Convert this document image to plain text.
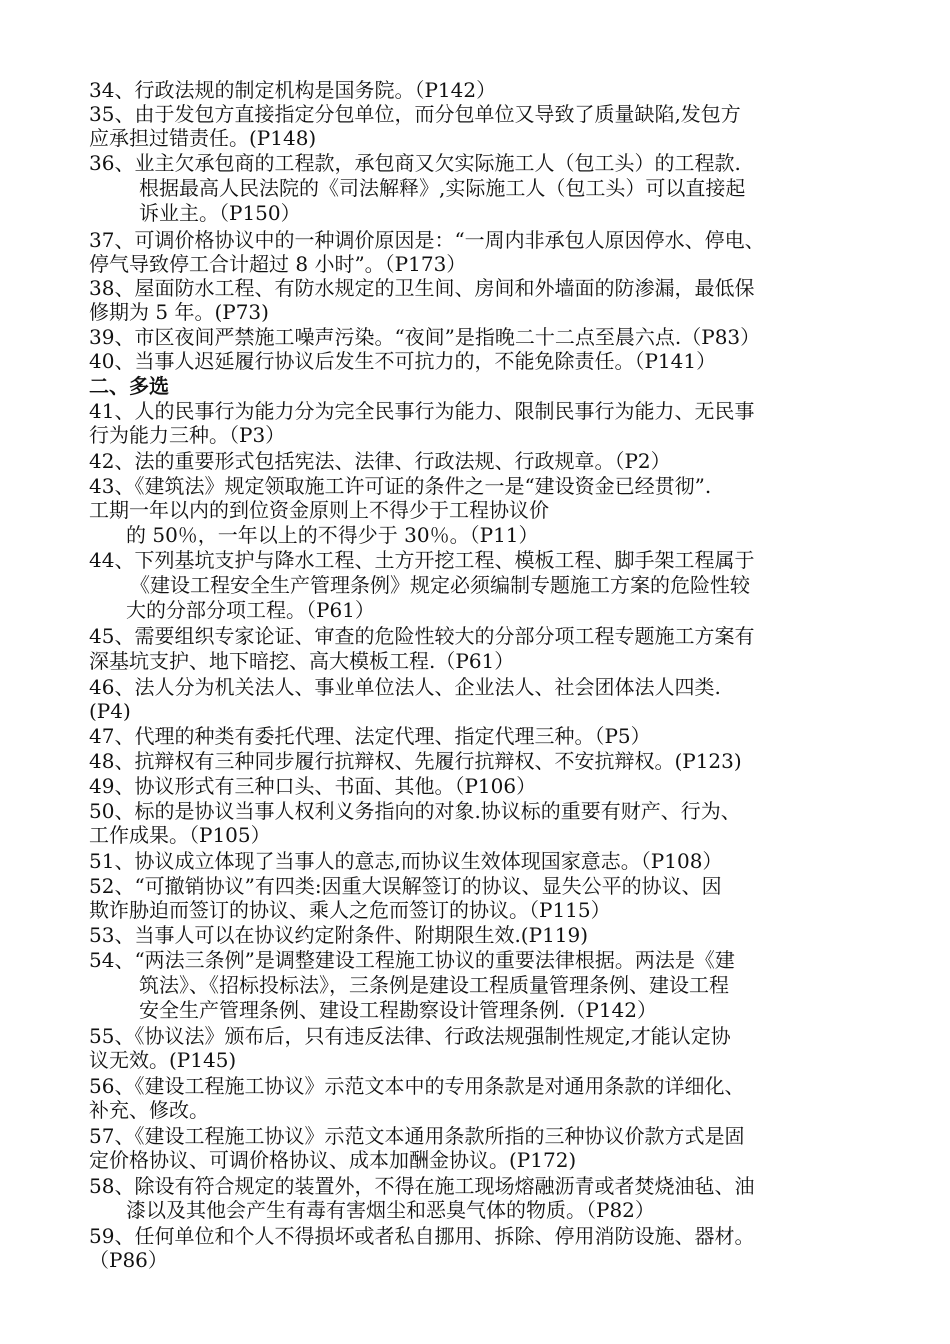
34、行政法规的制定机构是国务院。（P142）
35、由于发包方直接指定分包单位，而分包单位又导致了质量缺陷,发包方
应承担过错责任。(P148)
36、业主欠承包商的工程款，承包商又欠实际施工人（包工头）的工程款.
根据最高人民法院的《司法解释》,实际施工人（包工头）可以直接起
诉业主。（P150）
37、可调价格协议中的一种调价原因是：“一周内非承包人原因停水、停电、
停气导致停工合计超过 8 小时”。（P173）
38、屋面防水工程、有防水规定的卫生间、房间和外墙面的防渗漏，最低保
修期为 5 年。(P73)
39、市区夜间严禁施工噪声污染。“夜间”是指晚二十二点至晨六点.（P83）
40、当事人迟延履行协议后发生不可抗力的，不能免除责任。（P141）
二、多选
41、人的民事行为能力分为完全民事行为能力、限制民事行为能力、无民事
行为能力三种。（P3）
42、法的重要形式包括宪法、法律、行政法规、行政规章。（P2）
43、《建筑法》规定领取施工许可证的条件之一是“建设资金已经贯彻”.
工期一年以内的到位资金原则上不得少于工程协议价
的 50％，一年以上的不得少于 30％。（P11）
44、下列基坑支护与降水工程、土方开挖工程、模板工程、脚手架工程属于
《建设工程安全生产管理条例》规定必须编制专题施工方案的危险性较
大的分部分项工程。（P61）
45、需要组织专家论证、审查的危险性较大的分部分项工程专题施工方案有
深基坑支护、地下暗挖、高大模板工程.（P61）
46、法人分为机关法人、事业单位法人、企业法人、社会团体法人四类.
(P4)
47、代理的种类有委托代理、法定代理、指定代理三种。（P5）
48、抗辩权有三种同步履行抗辩权、先履行抗辩权、不安抗辩权。(P123)
49、协议形式有三种口头、书面、其他。（P106）
50、标的是协议当事人权利义务指向的对象.协议标的重要有财产、行为、
工作成果。（P105）
51、协议成立体现了当事人的意志,而协议生效体现国家意志。（P108）
52、“可撤销协议”有四类:因重大误解签订的协议、显失公平的协议、因
欺诈胁迫而签订的协议、乘人之危而签订的协议。（P115）
53、当事人可以在协议约定附条件、附期限生效.(P119)
54、“两法三条例”是调整建设工程施工协议的重要法律根据。两法是《建
筑法》、《招标投标法》，三条例是建设工程质量管理条例、建设工程
安全生产管理条例、建设工程勘察设计管理条例.（P142）
55、《协议法》颁布后，只有违反法律、行政法规强制性规定,才能认定协
议无效。(P145)
56、《建设工程施工协议》示范文本中的专用条款是对通用条款的详细化、
补充、修改。
57、《建设工程施工协议》示范文本通用条款所指的三种协议价款方式是固
定价格协议、可调价格协议、成本加酬金协议。(P172)
58、除设有符合规定的装置外，不得在施工现场熔融沥青或者焚烧油毡、油
漆以及其他会产生有毒有害烟尘和恶臭气体的物质。（P82）
59、任何单位和个人不得损坏或者私自挪用、拆除、停用消防设施、器材。
（P86）
